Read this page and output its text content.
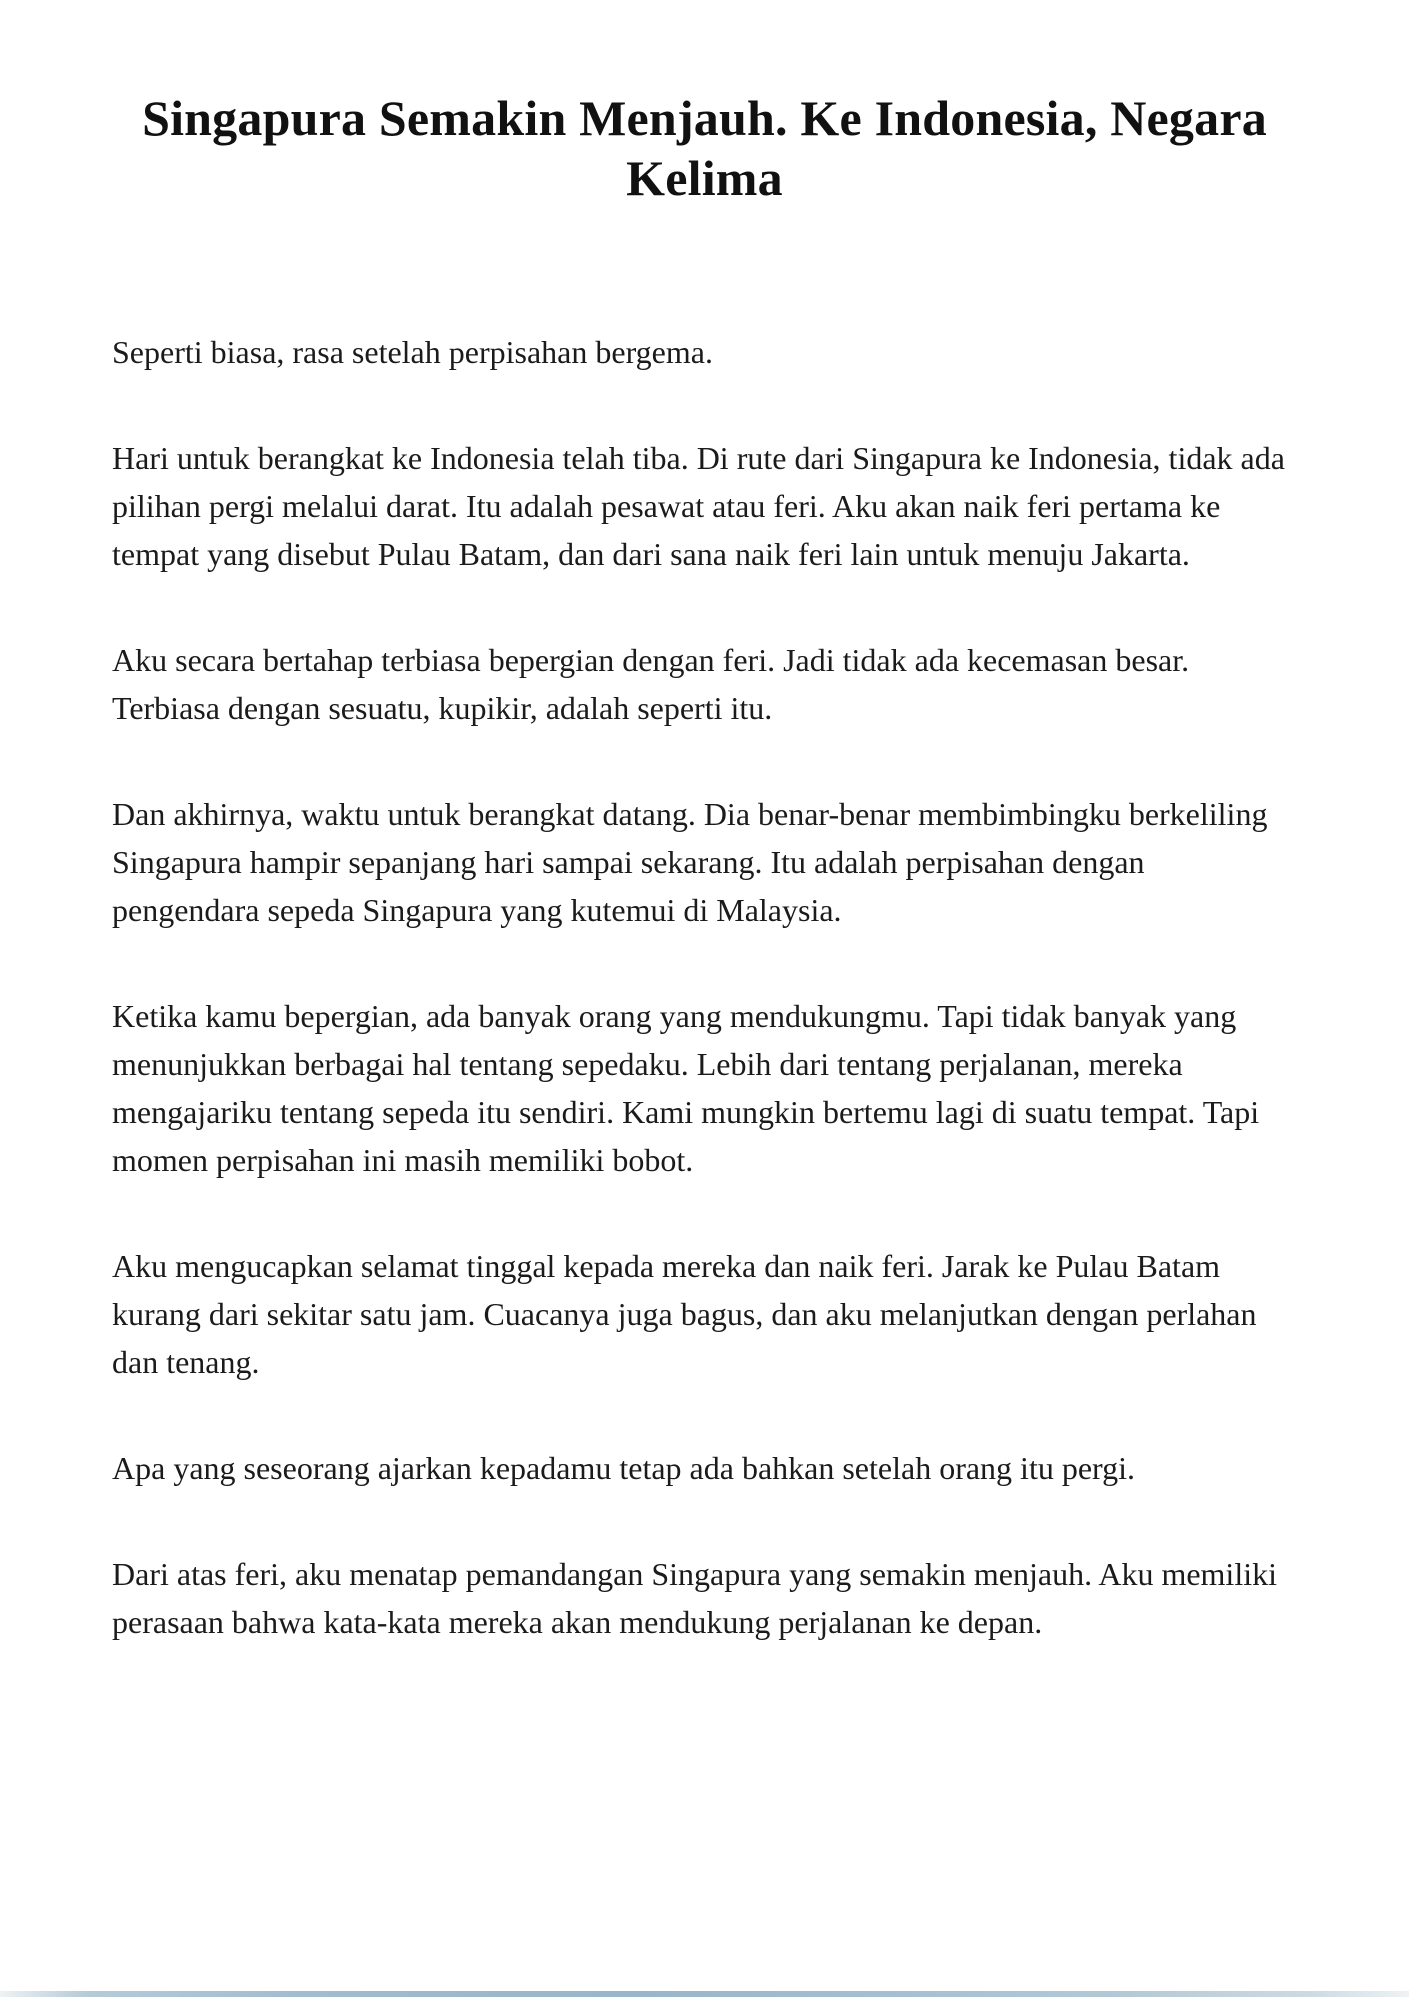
Singapura Semakin Menjauh. Ke Indonesia, Negara Kelima

Seperti biasa, rasa setelah perpisahan bergema.

Hari untuk berangkat ke Indonesia telah tiba. Di rute dari Singapura ke Indonesia, tidak ada pilihan pergi melalui darat. Itu adalah pesawat atau feri. Aku akan naik feri pertama ke tempat yang disebut Pulau Batam, dan dari sana naik feri lain untuk menuju Jakarta.

Aku secara bertahap terbiasa bepergian dengan feri. Jadi tidak ada kecemasan besar. Terbiasa dengan sesuatu, kupikir, adalah seperti itu.

Dan akhirnya, waktu untuk berangkat datang. Dia benar-benar membimbingku berkeliling Singapura hampir sepanjang hari sampai sekarang. Itu adalah perpisahan dengan pengendara sepeda Singapura yang kutemui di Malaysia.

Ketika kamu bepergian, ada banyak orang yang mendukungmu. Tapi tidak banyak yang menunjukkan berbagai hal tentang sepedaku. Lebih dari tentang perjalanan, mereka mengajariku tentang sepeda itu sendiri. Kami mungkin bertemu lagi di suatu tempat. Tapi momen perpisahan ini masih memiliki bobot.

Aku mengucapkan selamat tinggal kepada mereka dan naik feri. Jarak ke Pulau Batam kurang dari sekitar satu jam. Cuacanya juga bagus, dan aku melanjutkan dengan perlahan dan tenang.

Apa yang seseorang ajarkan kepadamu tetap ada bahkan setelah orang itu pergi.

Dari atas feri, aku menatap pemandangan Singapura yang semakin menjauh. Aku memiliki perasaan bahwa kata-kata mereka akan mendukung perjalanan ke depan.
